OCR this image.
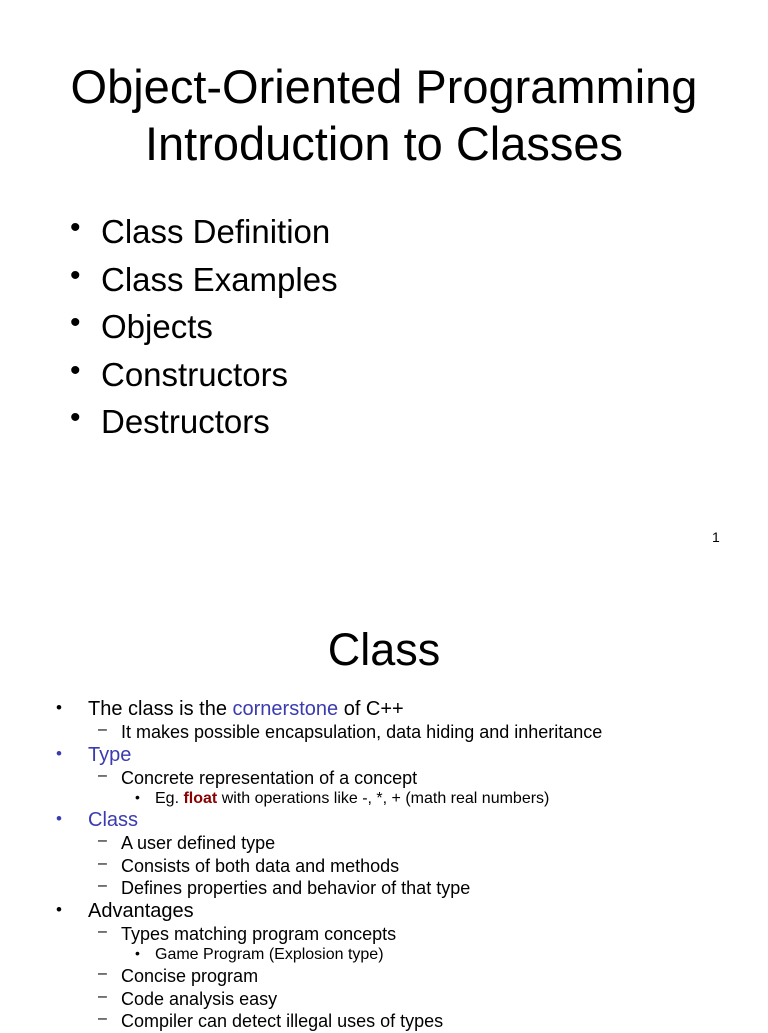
Object-Oriented Programming
Introduction to Classes
• Class Definition
• Class Examples
• Objects
• Constructors
• Destructors
1
Class
• The class is the cornerstone of C++
– It makes possible encapsulation, data hiding and inheritance
• Type
– Concrete representation of a concept
• Eg. float with operations like -, *, + (math real numbers)
• Class
– A user defined type
– Consists of both data and methods
– Defines properties and behavior of that type
• Advantages
– Types matching program concepts
• Game Program (Explosion type)
– Concise program
– Code analysis easy
– Compiler can detect illegal uses of types
